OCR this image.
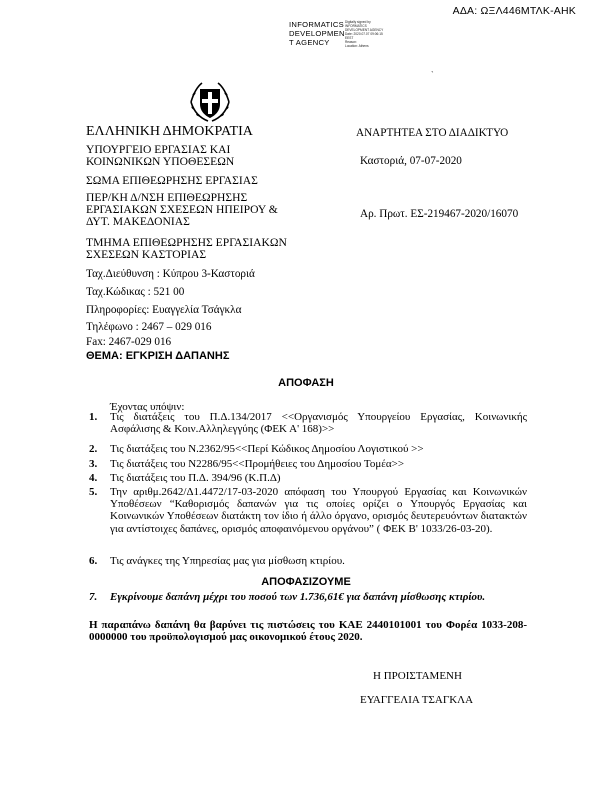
ΑΔΑ: ΩΞΛ446ΜΤΛΚ-ΑΗΚ
INFORMATICS
DEVELOPMEN
T AGENCY
Digitally signed by
INFORMATICS
DEVELOPMENT AGENCY
Date: 2020.07.07 09:06:15
EEST
Reason:
Location: Athens
`
ΕΛΛΗΝΙΚΗ ΔΗΜΟΚΡΑΤΙΑ
ΥΠΟΥΡΓΕΙΟ ΕΡΓΑΣΙΑΣ ΚΑΙ
ΚΟΙΝΩΝΙΚΩΝ ΥΠΟΘΕΣΕΩΝ
ΣΩΜΑ ΕΠΙΘΕΩΡΗΣΗΣ ΕΡΓΑΣΙΑΣ
ΠΕΡ/ΚΗ Δ/ΝΣΗ ΕΠΙΘΕΩΡΗΣΗΣ
ΕΡΓΑΣΙΑΚΩΝ ΣΧΕΣΕΩΝ ΗΠΕΙΡΟΥ &
ΔΥΤ. ΜΑΚΕΔΟΝΙΑΣ
ΤΜΗΜΑ ΕΠΙΘΕΩΡΗΣΗΣ ΕΡΓΑΣΙΑΚΩΝ
ΣΧΕΣΕΩΝ ΚΑΣΤΟΡΙΑΣ
Ταχ.Διεύθυνση : Κύπρου 3-Καστοριά
Ταχ.Κώδικας : 521 00
Πληροφορίες: Ευαγγελία Τσάγκλα
Τηλέφωνο : 2467 – 029 016
Fax: 2467-029 016
ΘΕΜΑ: ΕΓΚΡΙΣΗ ΔΑΠΑΝΗΣ
ΑΝΑΡΤΗΤΕΑ ΣΤΟ ΔΙΑΔΙΚΤΥΟ
Καστοριά, 07-07-2020
Αρ. Πρωτ. ΕΣ-219467-2020/16070
ΑΠΟΦΑΣΗ
Έχοντας υπόψιν:
1. Τις διατάξεις του Π.Δ.134/2017 <<Οργανισμός Υπουργείου Εργασίας, Κοινωνικής Ασφάλισης & Κοιν.Αλληλεγγύης (ΦΕΚ Α' 168)>>
2. Τις διατάξεις του Ν.2362/95<<Περί Κώδικος Δημοσίου Λογιστικού >>
3. Τις διατάξεις του Ν2286/95<<Προμήθειες του Δημοσίου Τομέα>>
4. Τις διατάξεις του Π.Δ. 394/96 (Κ.Π.Δ)
5. Την αριθμ.2642/Δ1.4472/17-03-2020 απόφαση του Υπουργού Εργασίας και Κοινωνικών Υποθέσεων “Καθορισμός δαπανών για τις οποίες ορίζει ο Υπουργός Εργασίας και Κοινωνικών Υποθέσεων διατάκτη τον ίδιο ή άλλο όργανο, ορισμός δευτερευόντων διατακτών για αντίστοιχες δαπάνες, ορισμός αποφαινόμενου οργάνου” ( ΦΕΚ Β' 1033/26-03-20).
6. Τις ανάγκες της Υπηρεσίας μας για μίσθωση κτιρίου.
ΑΠΟΦΑΣΙΖΟΥΜΕ
7. Εγκρίνουμε δαπάνη μέχρι του ποσού των 1.736,61€ για δαπάνη μίσθωσης κτιρίου.
Η παραπάνω δαπάνη θα βαρύνει τις πιστώσεις του ΚΑΕ 2440101001 του Φορέα 1033-208-0000000 του προϋπολογισμού μας οικονομικού έτους 2020.
Η ΠΡΟΙΣΤΑΜΕΝΗ
ΕΥΑΓΓΕΛΙΑ ΤΣΑΓΚΛΑ
